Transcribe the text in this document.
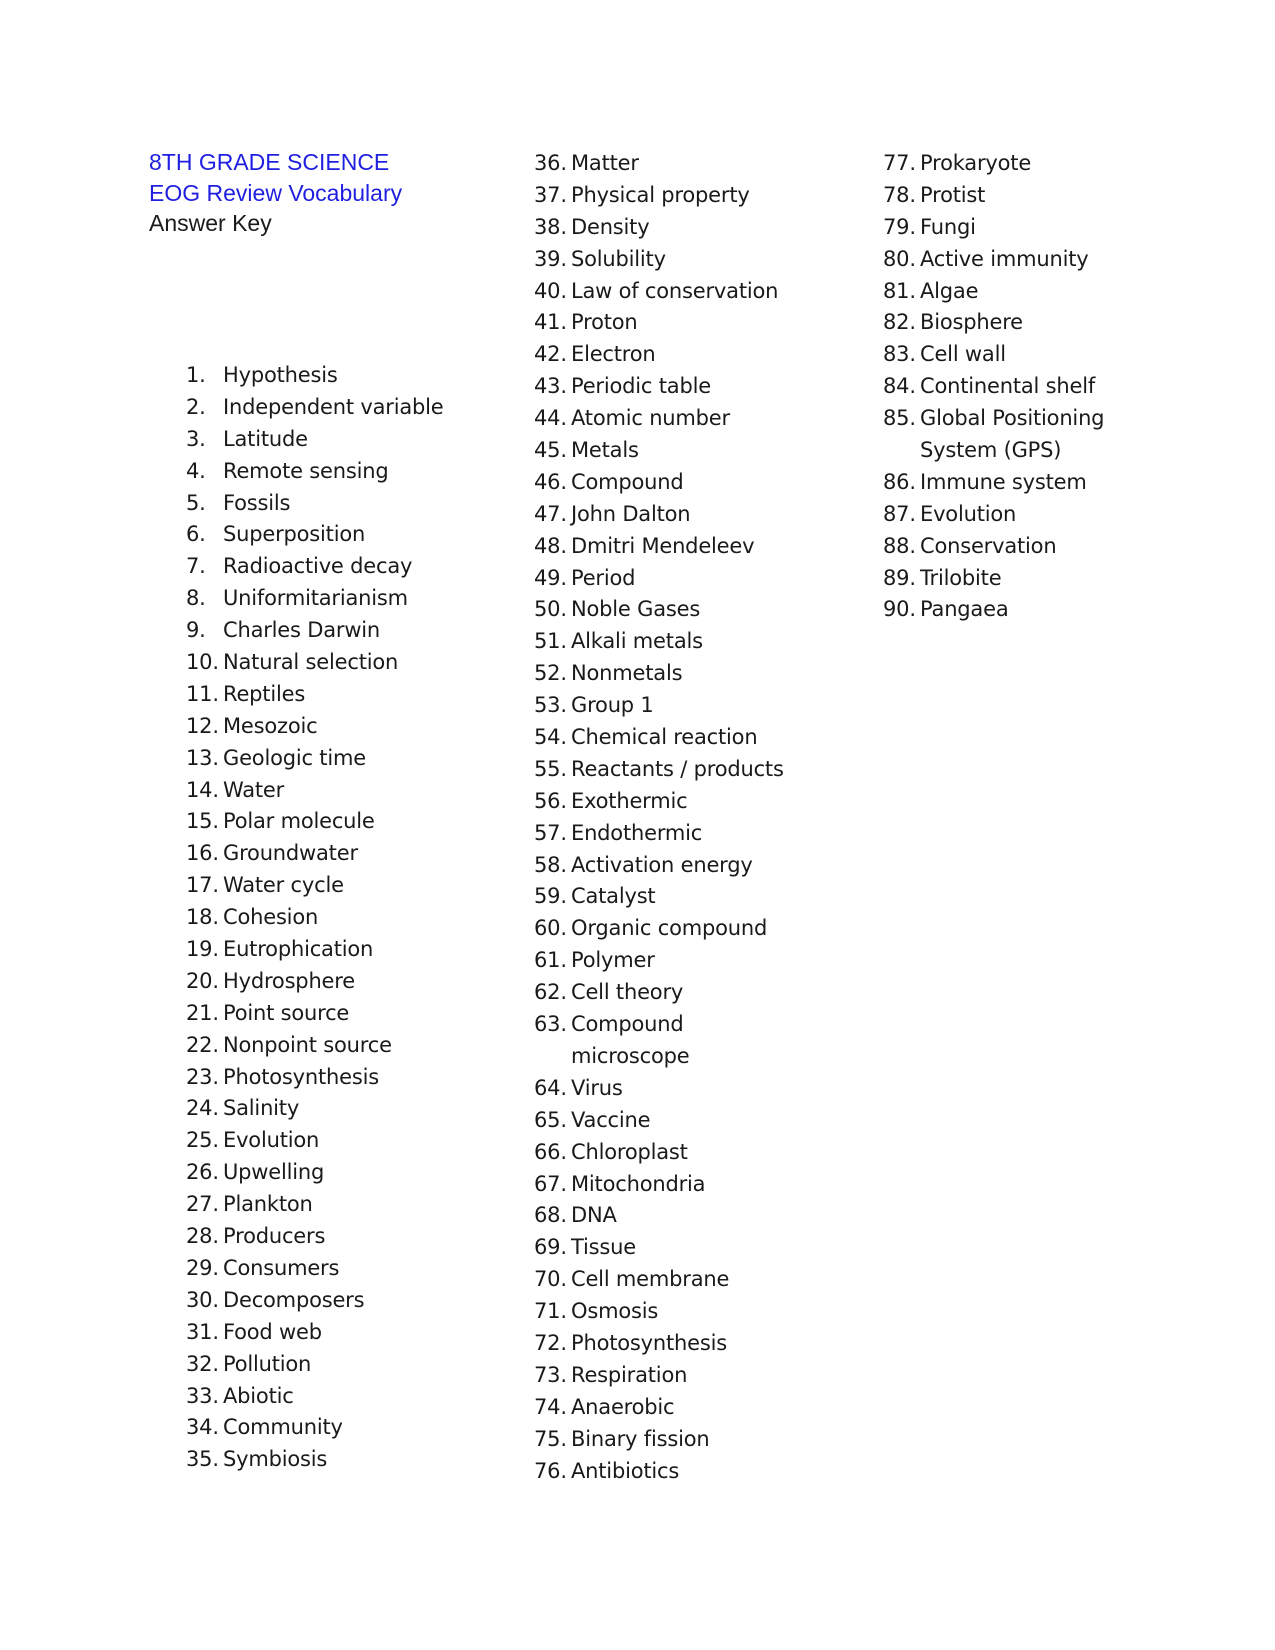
8TH GRADE SCIENCE
EOG Review Vocabulary
Answer Key
1. Hypothesis
2. Independent variable
3. Latitude
4. Remote sensing
5. Fossils
6. Superposition
7. Radioactive decay
8. Uniformitarianism
9. Charles Darwin
10. Natural selection
11. Reptiles
12. Mesozoic
13. Geologic time
14. Water
15. Polar molecule
16. Groundwater
17. Water cycle
18. Cohesion
19. Eutrophication
20. Hydrosphere
21. Point source
22. Nonpoint source
23. Photosynthesis
24. Salinity
25. Evolution
26. Upwelling
27. Plankton
28. Producers
29. Consumers
30. Decomposers
31. Food web
32. Pollution
33. Abiotic
34. Community
35. Symbiosis
36. Matter
37. Physical property
38. Density
39. Solubility
40. Law of conservation
41. Proton
42. Electron
43. Periodic table
44. Atomic number
45. Metals
46. Compound
47. John Dalton
48. Dmitri Mendeleev
49. Period
50. Noble Gases
51. Alkali metals
52. Nonmetals
53. Group 1
54. Chemical reaction
55. Reactants / products
56. Exothermic
57. Endothermic
58. Activation energy
59. Catalyst
60. Organic compound
61. Polymer
62. Cell theory
63. Compound
microscope
64. Virus
65. Vaccine
66. Chloroplast
67. Mitochondria
68. DNA
69. Tissue
70. Cell membrane
71. Osmosis
72. Photosynthesis
73. Respiration
74. Anaerobic
75. Binary fission
76. Antibiotics
77. Prokaryote
78. Protist
79. Fungi
80. Active immunity
81. Algae
82. Biosphere
83. Cell wall
84. Continental shelf
85. Global Positioning
System (GPS)
86. Immune system
87. Evolution
88. Conservation
89. Trilobite
90. Pangaea
